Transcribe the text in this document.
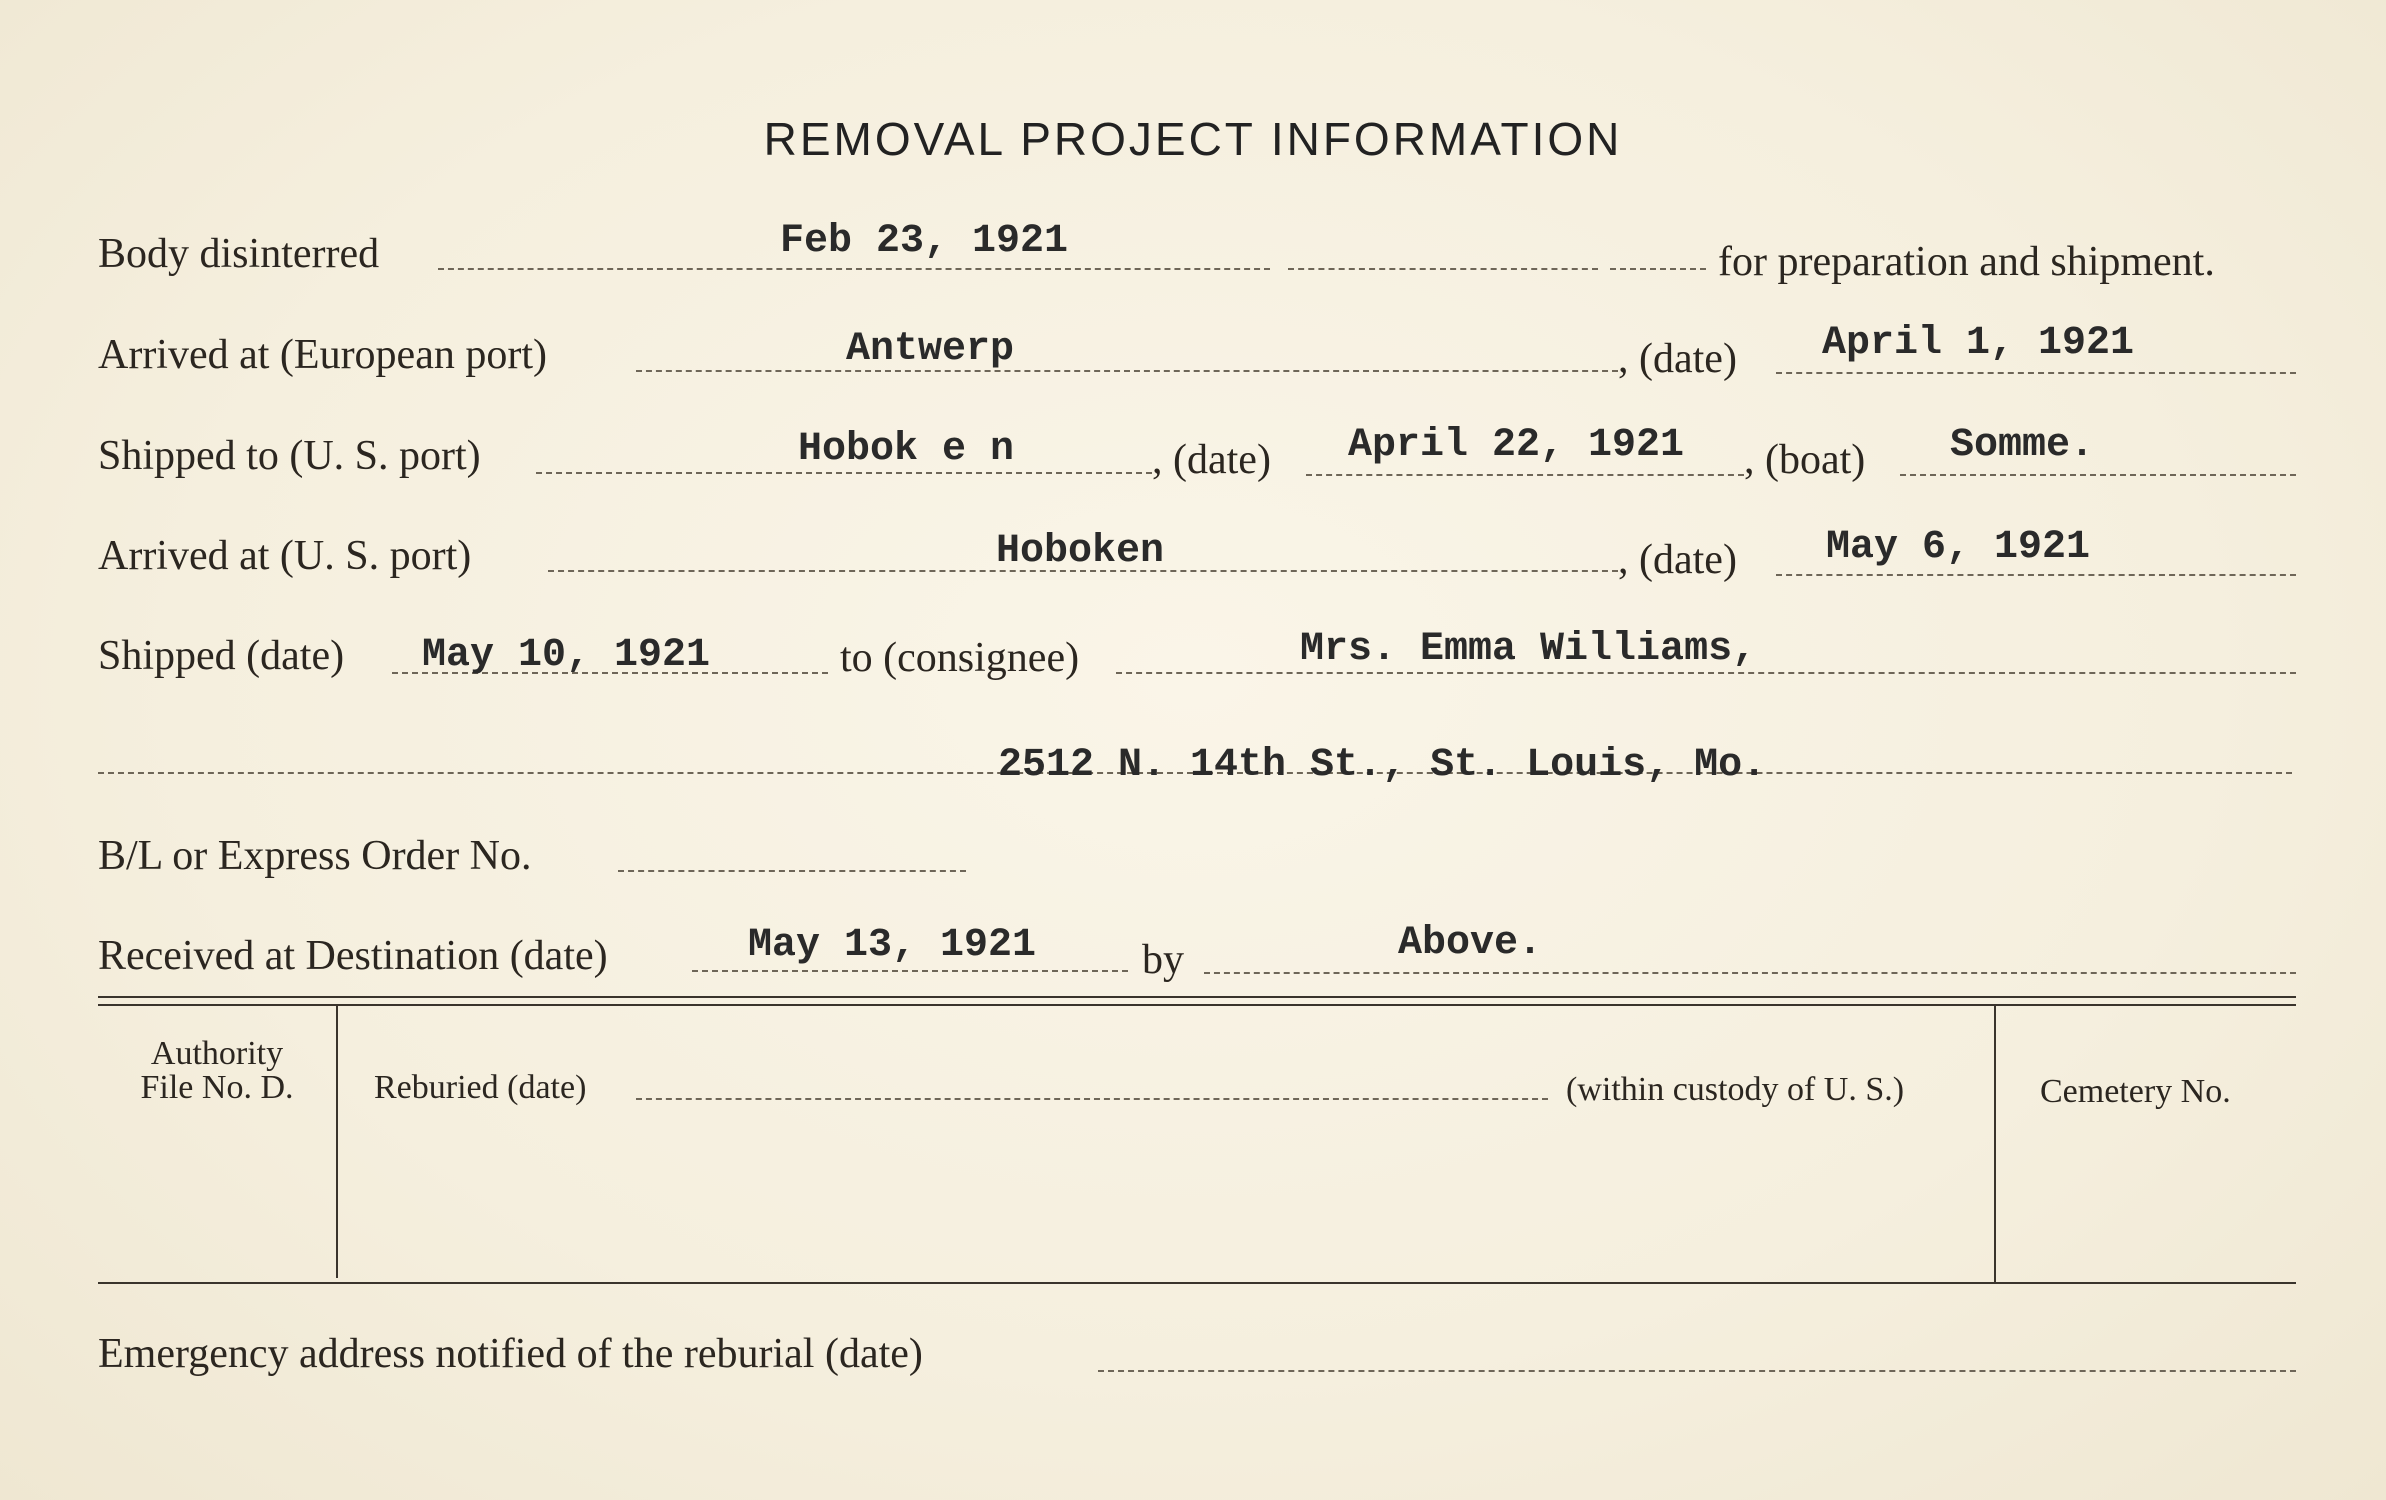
REMOVAL PROJECT INFORMATION
Body disinterred	Feb 23, 1921	for preparation and shipment.
Arrived at (European port)	Antwerp	, (date) April 1, 1921
Shipped to (U. S. port)	Hobok e n	, (date) April 22, 1921 , (boat) Somme.
Arrived at (U. S. port)	Hoboken	, (date) May 6, 1921
Shipped (date) May 10, 1921	to (consignee)	Mrs. Emma Williams,
2512 N. 14th St., St. Louis, Mo.
B/L or Express Order No.
Received at Destination (date)	May 13, 1921	by	Above.
Authority
File No. D.	Reburied (date)	(within custody of U. S.)	Cemetery No.
Emergency address notified of the reburial (date)
